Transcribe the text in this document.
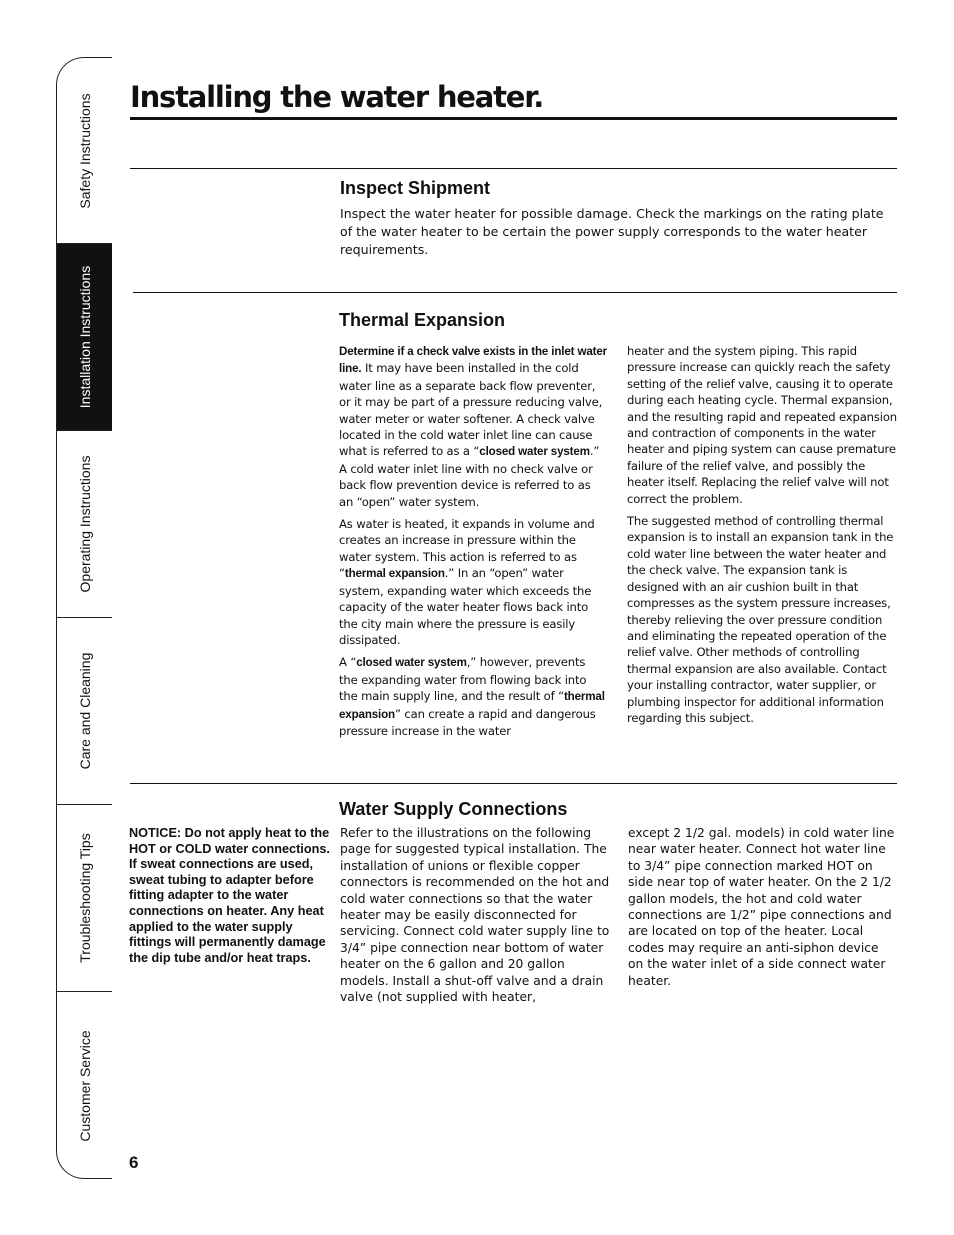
Safety Instructions
Installation Instructions
Operating Instructions
Care and Cleaning
Troubleshooting Tips
Customer Service
Installing the water heater.
Inspect Shipment
Inspect the water heater for possible damage. Check the markings on the rating plate of the water heater to be certain the power supply corresponds to the water heater requirements.
Thermal Expansion

Determine if a check valve exists in the inlet water line. It may have been installed in the cold water line as a separate back flow preventer, or it may be part of a pressure reducing valve, water meter or water softener. A check valve located in the cold water inlet line can cause what is referred to as a “closed water system.” A cold water inlet line with no check valve or back flow prevention device is referred to as an “open” water system.

As water is heated, it expands in volume and creates an increase in pressure within the water system. This action is referred to as “thermal expansion.” In an “open” water system, expanding water which exceeds the capacity of the water heater flows back into the city main where the pressure is easily dissipated.

A “closed water system,” however, prevents the expanding water from flowing back into the main supply line, and the result of “thermal expansion” can create a rapid and dangerous pressure increase in the water

heater and the system piping. This rapid pressure increase can quickly reach the safety setting of the relief valve, causing it to operate during each heating cycle. Thermal expansion, and the resulting rapid and repeated expansion and contraction of components in the water heater and piping system can cause premature failure of the relief valve, and possibly the heater itself. Replacing the relief valve will not correct the problem.

The suggested method of controlling thermal expansion is to install an expansion tank in the cold water line between the water heater and the check valve. The expansion tank is designed with an air cushion built in that compresses as the system pressure increases, thereby relieving the over pressure condition and eliminating the repeated operation of the relief valve. Other methods of controlling thermal expansion are also available. Contact your installing contractor, water supplier, or plumbing inspector for additional information regarding this subject.

Water Supply Connections
NOTICE: Do not apply heat to the HOT or COLD water connections. If sweat connections are used, sweat tubing to adapter before fitting adapter to the water connections on heater. Any heat applied to the water supply fittings will permanently damage the dip tube and/or heat traps.
Refer to the illustrations on the following page for suggested typical installation. The installation of unions or flexible copper connectors is recommended on the hot and cold water connections so that the water heater may be easily disconnected for servicing. Connect cold water supply line to 3/4” pipe connection near bottom of water heater on the 6 gallon and 20 gallon models. Install a shut-off valve and a drain valve (not supplied with heater,
except 2 1/2 gal. models) in cold water line near water heater. Connect hot water line to 3/4” pipe connection marked HOT on side near top of water heater. On the 2 1/2 gallon models, the hot and cold water connections are 1/2” pipe connections and are located on top of the heater. Local codes may require an anti-siphon device on the water inlet of a side connect water heater.
6
